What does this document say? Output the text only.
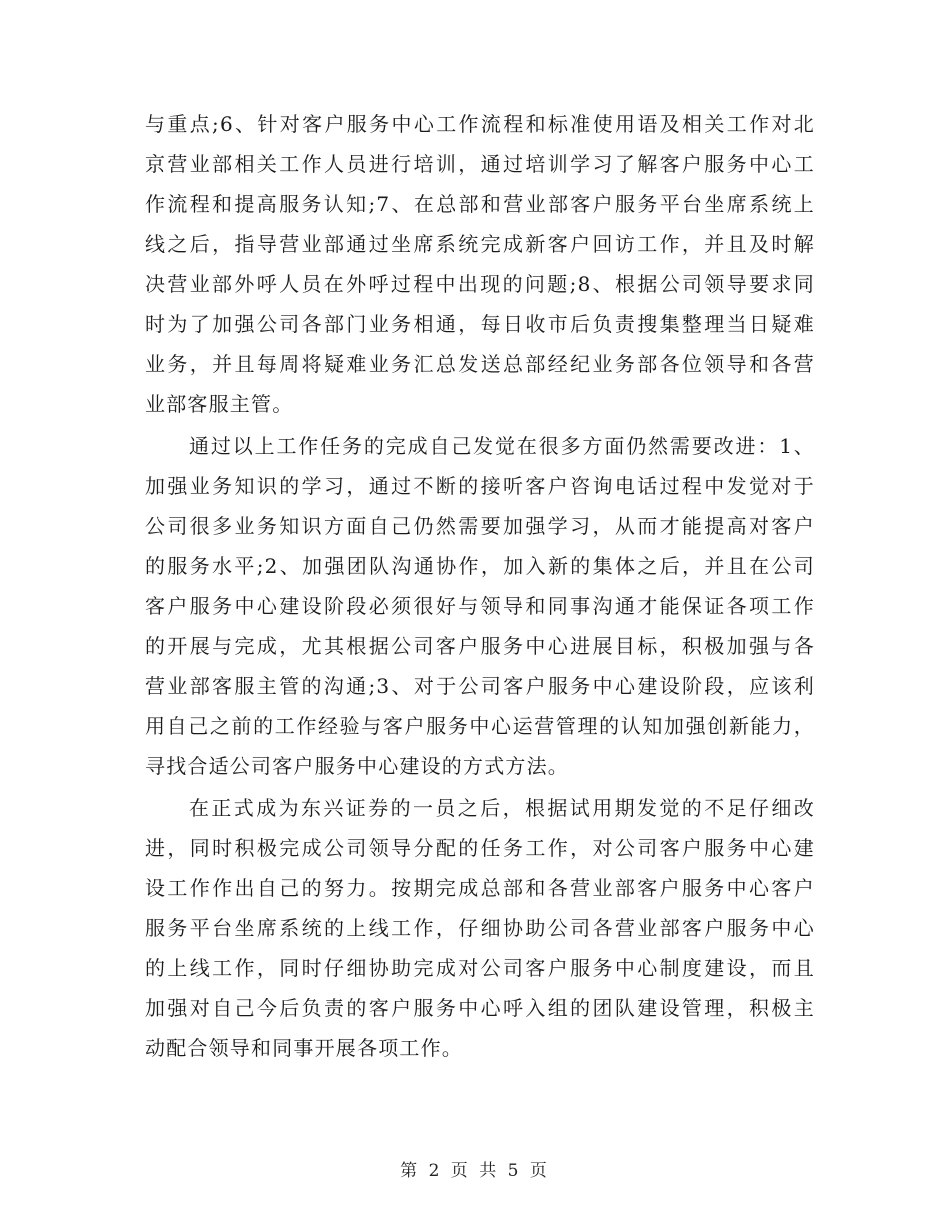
与重点;6、针对客户服务中心工作流程和标准使用语及相关工作对北
京营业部相关工作人员进行培训，通过培训学习了解客户服务中心工
作流程和提高服务认知;7、在总部和营业部客户服务平台坐席系统上
线之后，指导营业部通过坐席系统完成新客户回访工作，并且及时解
决营业部外呼人员在外呼过程中出现的问题;8、根据公司领导要求同
时为了加强公司各部门业务相通，每日收市后负责搜集整理当日疑难
业务，并且每周将疑难业务汇总发送总部经纪业务部各位领导和各营
业部客服主管。
通过以上工作任务的完成自己发觉在很多方面仍然需要改进：1、
加强业务知识的学习，通过不断的接听客户咨询电话过程中发觉对于
公司很多业务知识方面自己仍然需要加强学习，从而才能提高对客户
的服务水平;2、加强团队沟通协作，加入新的集体之后，并且在公司
客户服务中心建设阶段必须很好与领导和同事沟通才能保证各项工作
的开展与完成，尤其根据公司客户服务中心进展目标，积极加强与各
营业部客服主管的沟通;3、对于公司客户服务中心建设阶段，应该利
用自己之前的工作经验与客户服务中心运营管理的认知加强创新能力，
寻找合适公司客户服务中心建设的方式方法。
在正式成为东兴证券的一员之后，根据试用期发觉的不足仔细改
进，同时积极完成公司领导分配的任务工作，对公司客户服务中心建
设工作作出自己的努力。按期完成总部和各营业部客户服务中心客户
服务平台坐席系统的上线工作，仔细协助公司各营业部客户服务中心
的上线工作，同时仔细协助完成对公司客户服务中心制度建设，而且
加强对自己今后负责的客户服务中心呼入组的团队建设管理，积极主
动配合领导和同事开展各项工作。
第 2 页 共 5 页
